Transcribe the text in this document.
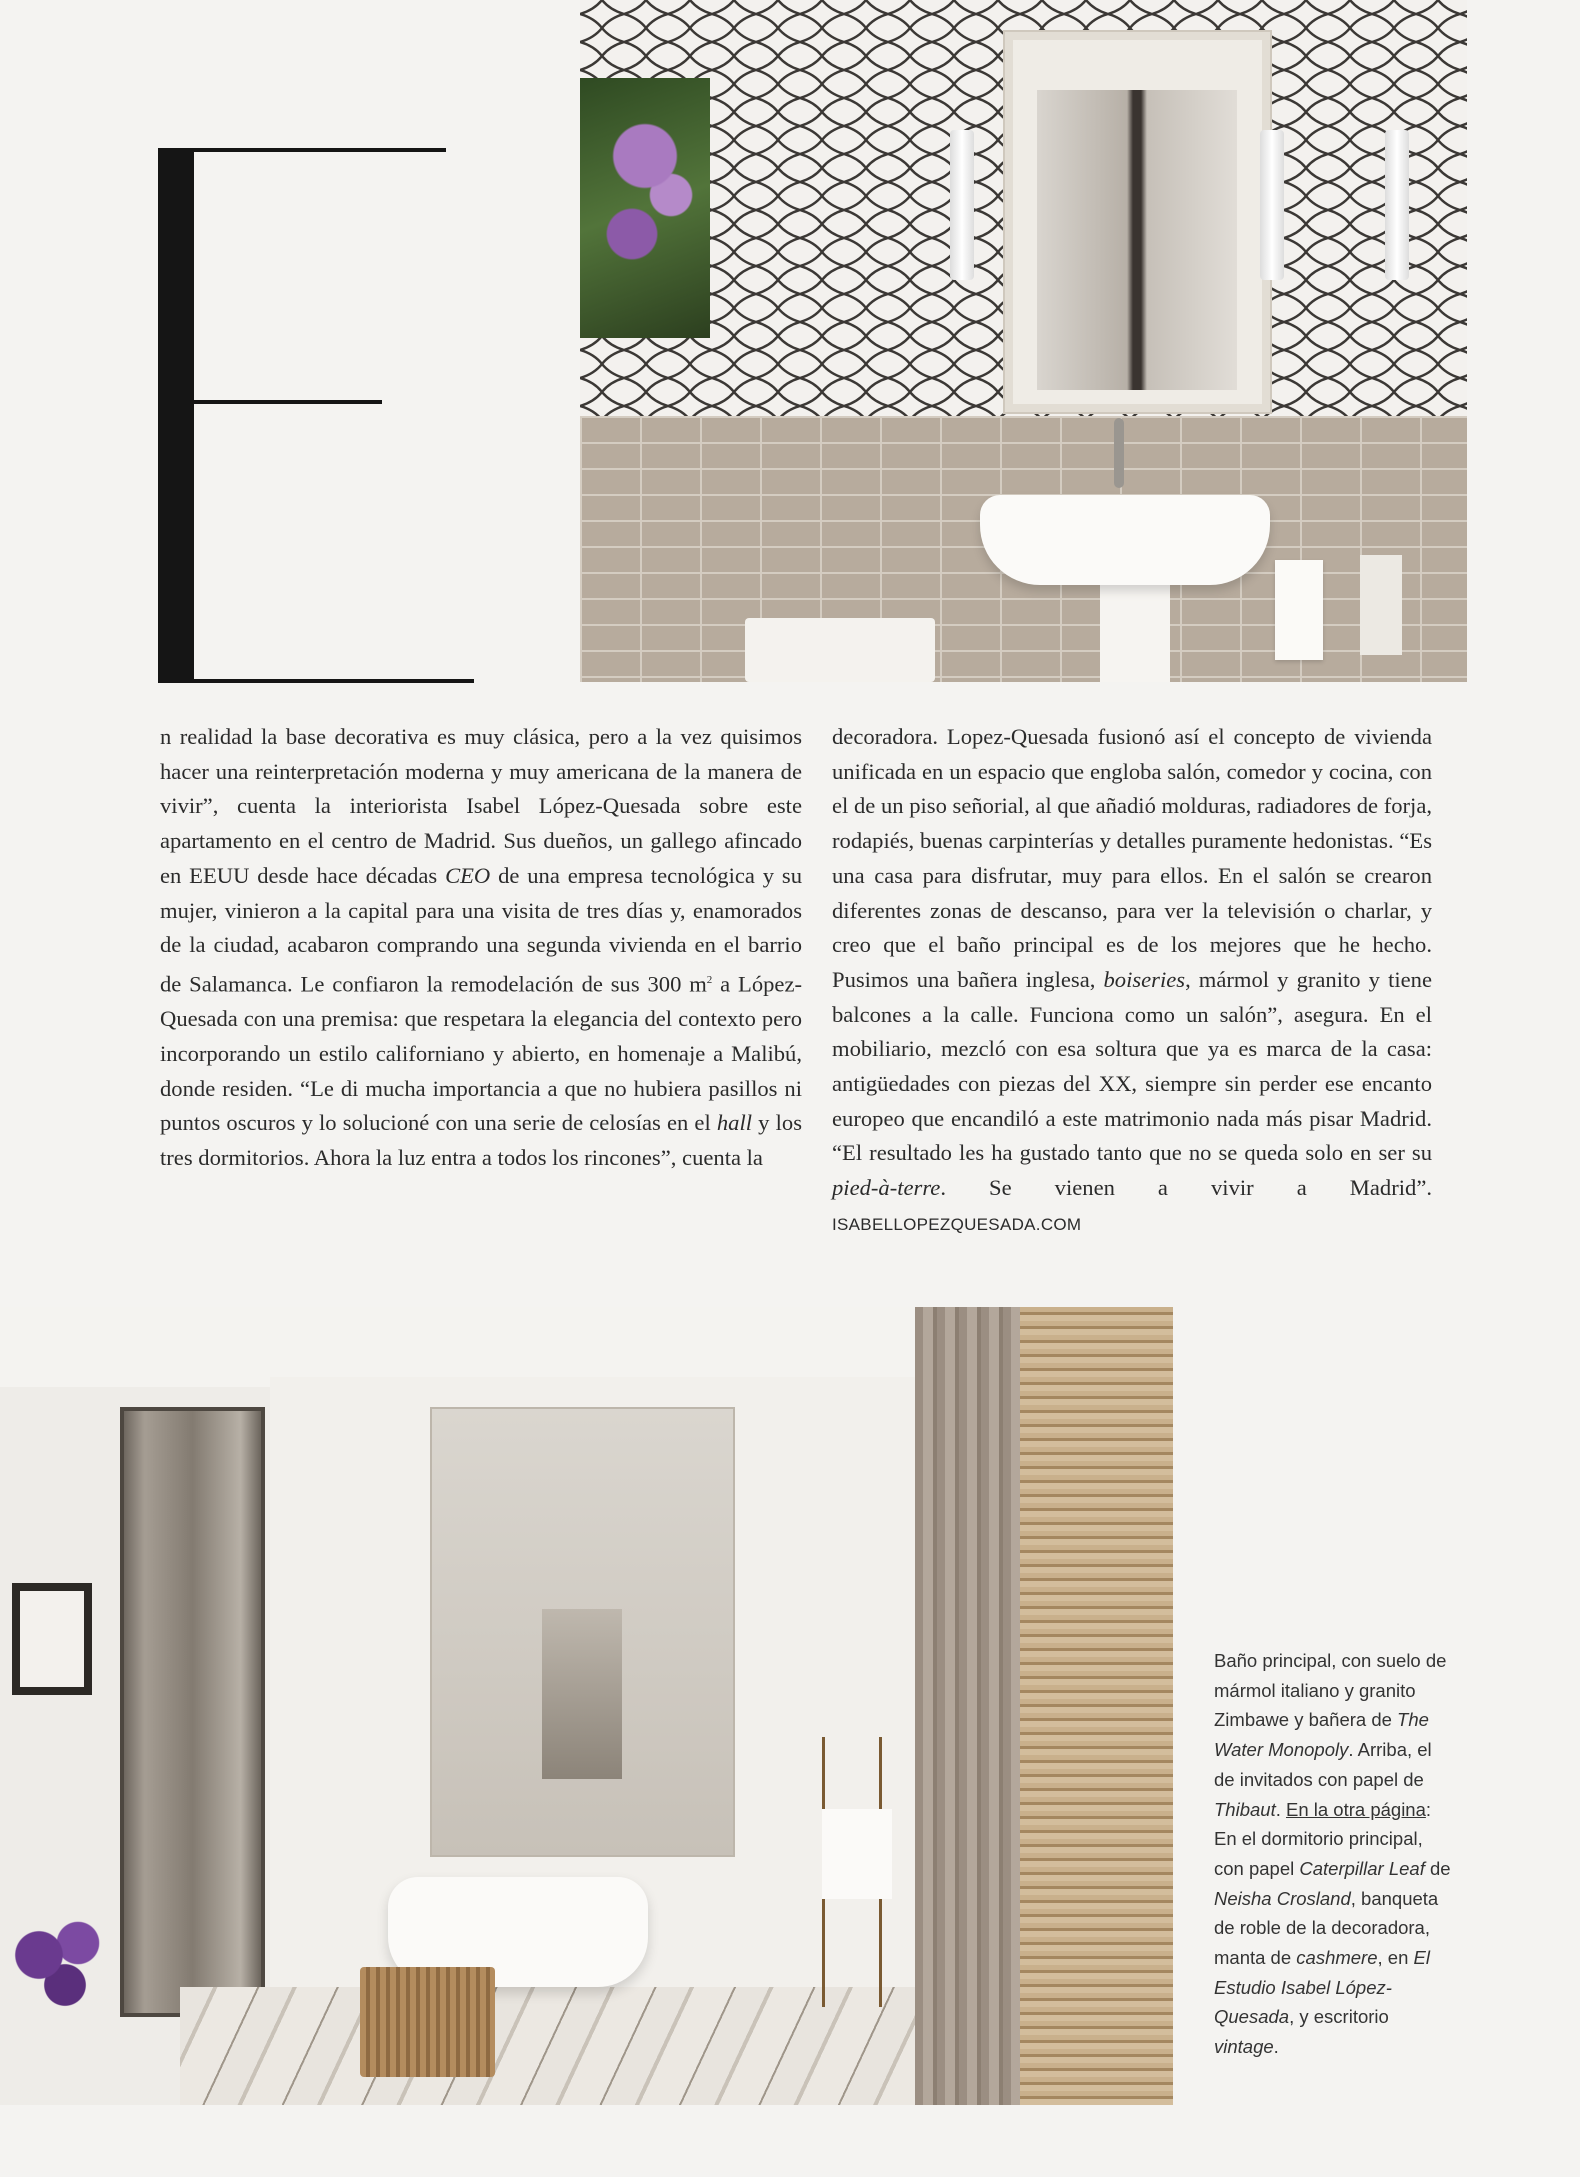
n realidad la base decorativa es muy clásica, pero a la vez quisimos hacer una reinterpretación moderna y muy americana de la manera de vivir”, cuenta la interiorista Isabel López-Quesada sobre este apartamento en el centro de Madrid. Sus dueños, un gallego afincado en EEUU desde hace décadas CEO de una empresa tecnológica y su mujer, vinieron a la capital para una visita de tres días y, enamorados de la ciudad, acabaron comprando una segunda vivienda en el barrio de Salamanca. Le confiaron la remodelación de sus 300 $m^2$ a López-Quesada con una premisa: que respetara la elegancia del contexto pero incorporando un estilo californiano y abierto, en homenaje a Malibú, donde residen. “Le di mucha importancia a que no hubiera pasillos ni puntos oscuros y lo solucioné con una serie de celosías en el hall y los tres dormitorios. Ahora la luz entra a todos los rincones”, cuenta la

decoradora. Lopez-Quesada fusionó así el concepto de vivienda unificada en un espacio que engloba salón, comedor y cocina, con el de un piso señorial, al que añadió molduras, radiadores de forja, rodapiés, buenas carpinterías y detalles puramente hedonistas. “Es una casa para disfrutar, muy para ellos. En el salón se crearon diferentes zonas de descanso, para ver la televisión o charlar, y creo que el baño principal es de los mejores que he hecho. Pusimos una bañera inglesa, boiseries, mármol y granito y tiene balcones a la calle. Funciona como un salón”, asegura. En el mobiliario, mezcló con esa soltura que ya es marca de la casa: antigüedades con piezas del XX, siempre sin perder ese encanto europeo que encandiló a este matrimonio nada más pisar Madrid. “El resultado les ha gustado tanto que no se queda solo en ser su pied-à-terre. Se vienen a vivir a Madrid”. ISABELLOPEZQUESADA.COM

Baño principal, con suelo de mármol italiano y granito Zimbawe y bañera de The Water Monopoly. Arriba, el de invitados con papel de Thibaut. En la otra página: En el dormitorio principal, con papel Caterpillar Leaf de Neisha Crosland, banqueta de roble de la decoradora, manta de cashmere, en El Estudio Isabel López-Quesada, y escritorio vintage.
